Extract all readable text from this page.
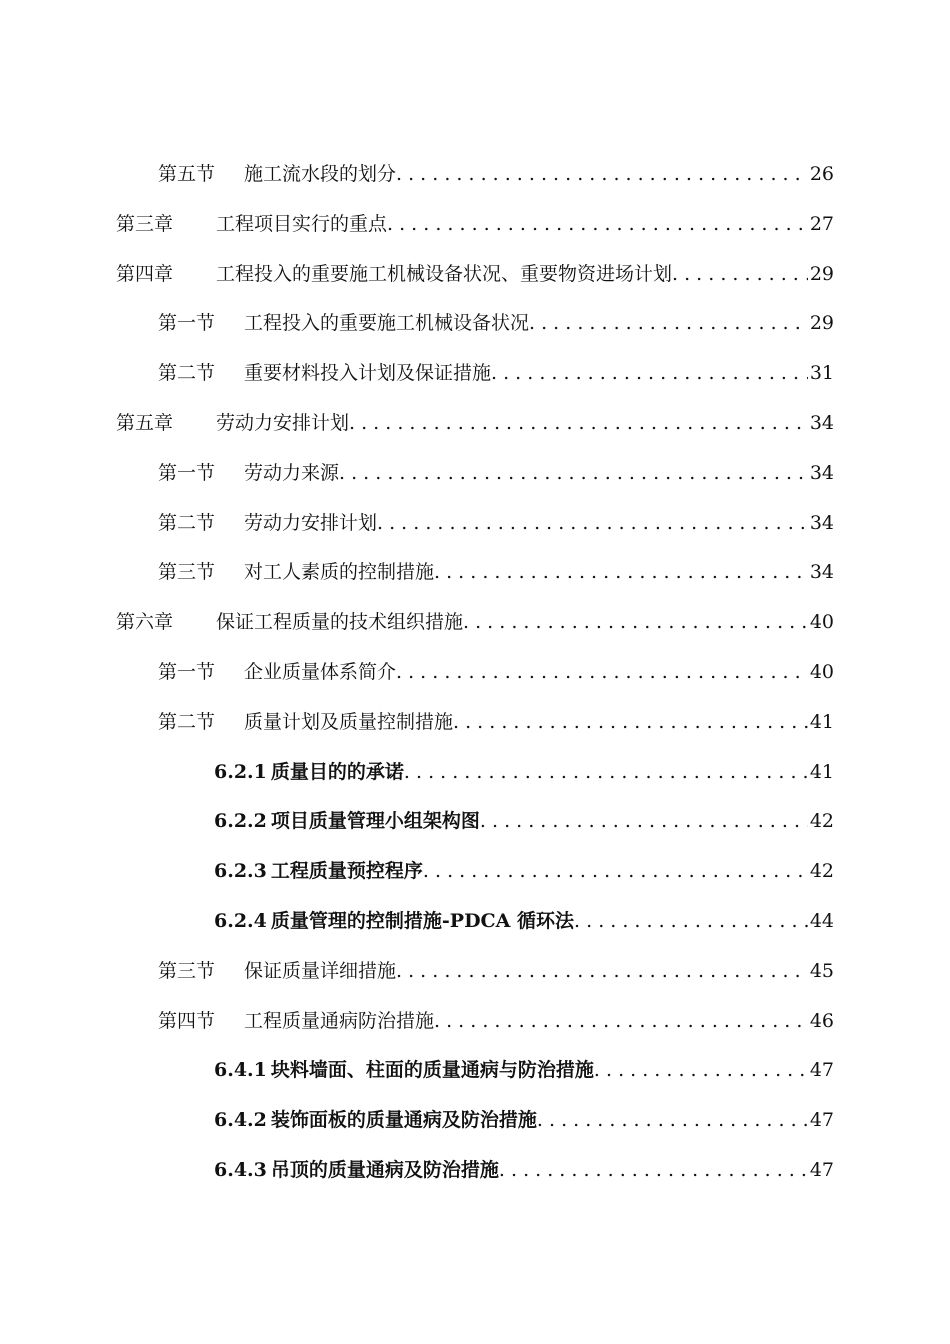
第五节	施工流水段的划分 . . .	26
第三章	工程项目实行的重点 . . .	27
第四章	工程投入的重要施工机械设备状况、重要物资进场计划 . . .	29
第一节	工程投入的重要施工机械设备状况 . . .	29
第二节	重要材料投入计划及保证措施 . . .	31
第五章	劳动力安排计划 . . .	34
第一节	劳动力来源 . . .	34
第二节	劳动力安排计划 . . .	34
第三节	对工人素质的控制措施 . . .	34
第六章	保证工程质量的技术组织措施 . . .	40
第一节	企业质量体系简介 . . .	40
第二节	质量计划及质量控制措施 . . .	41
6.2.1 质量目的的承诺 . . .	41
6.2.2 项目质量管理小组架构图 . . .	42
6.2.3 工程质量预控程序 . . .	42
6.2.4 质量管理的控制措施-PDCA 循环法 . . .	44
第三节	保证质量详细措施 . . .	45
第四节	工程质量通病防治措施 . . .	46
6.4.1 块料墙面、柱面的质量通病与防治措施 . . .	47
6.4.2 装饰面板的质量通病及防治措施 . . .	47
6.4.3 吊顶的质量通病及防治措施 . . .	47
